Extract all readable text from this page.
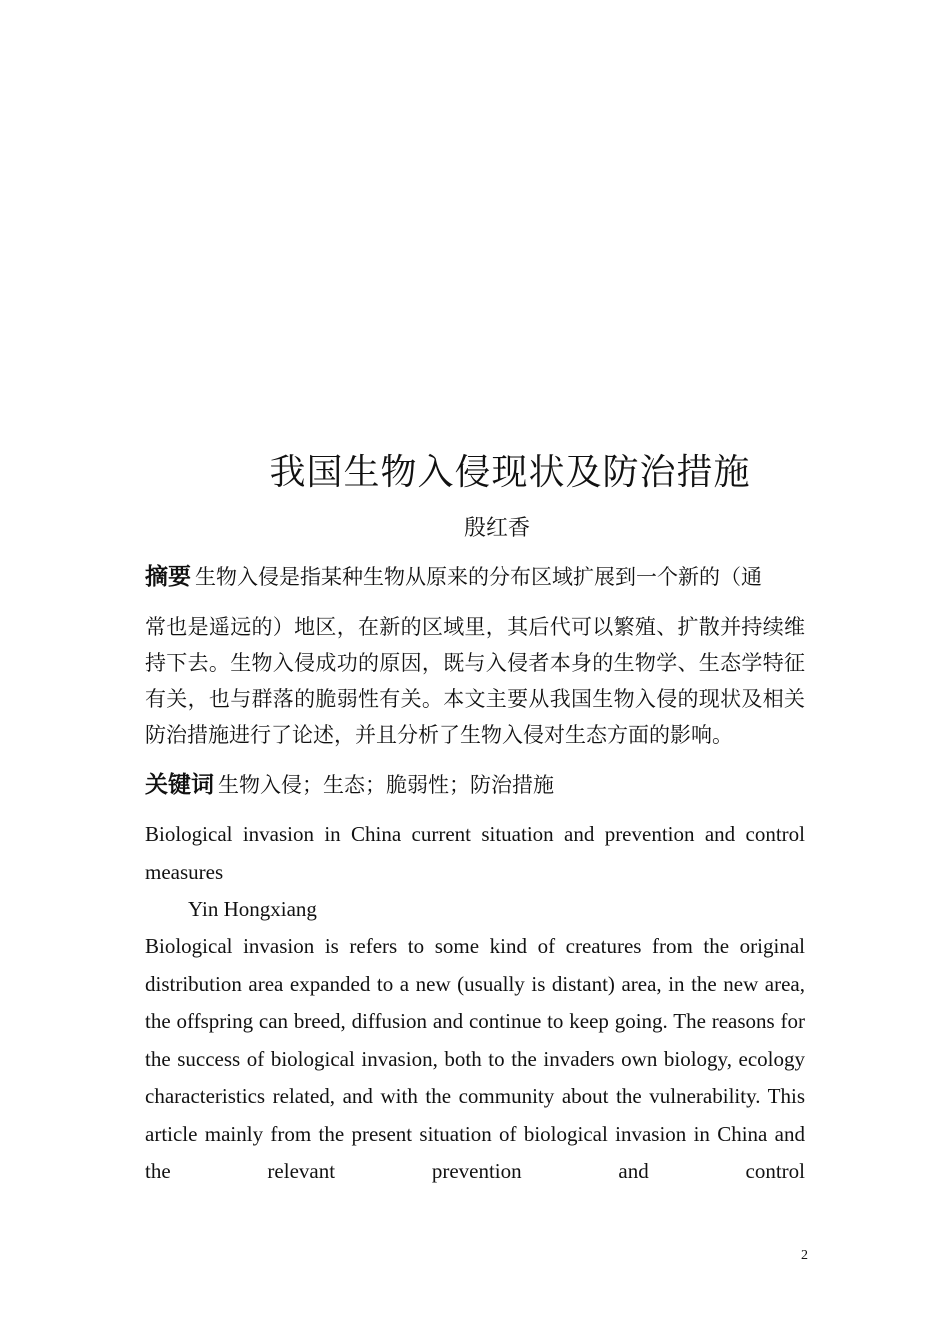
我国生物入侵现状及防治措施
殷红香
摘要 生物入侵是指某种生物从原来的分布区域扩展到一个新的（通
常也是遥远的）地区，在新的区域里，其后代可以繁殖、扩散并持续维持下去。生物入侵成功的原因，既与入侵者本身的生物学、生态学特征有关，也与群落的脆弱性有关。本文主要从我国生物入侵的现状及相关防治措施进行了论述，并且分析了生物入侵对生态方面的影响。
关键词 生物入侵；生态；脆弱性；防治措施
Biological invasion in China current situation and prevention and control measures
Yin Hongxiang
Biological invasion is refers to some kind of creatures from the original distribution area expanded to a new (usually is distant) area, in the new area, the offspring can breed, diffusion and continue to keep going. The reasons for the success of biological invasion, both to the invaders own biology, ecology characteristics related, and with the community about the vulnerability. This article mainly from the present situation of biological invasion in China and the relevant prevention and control
2
